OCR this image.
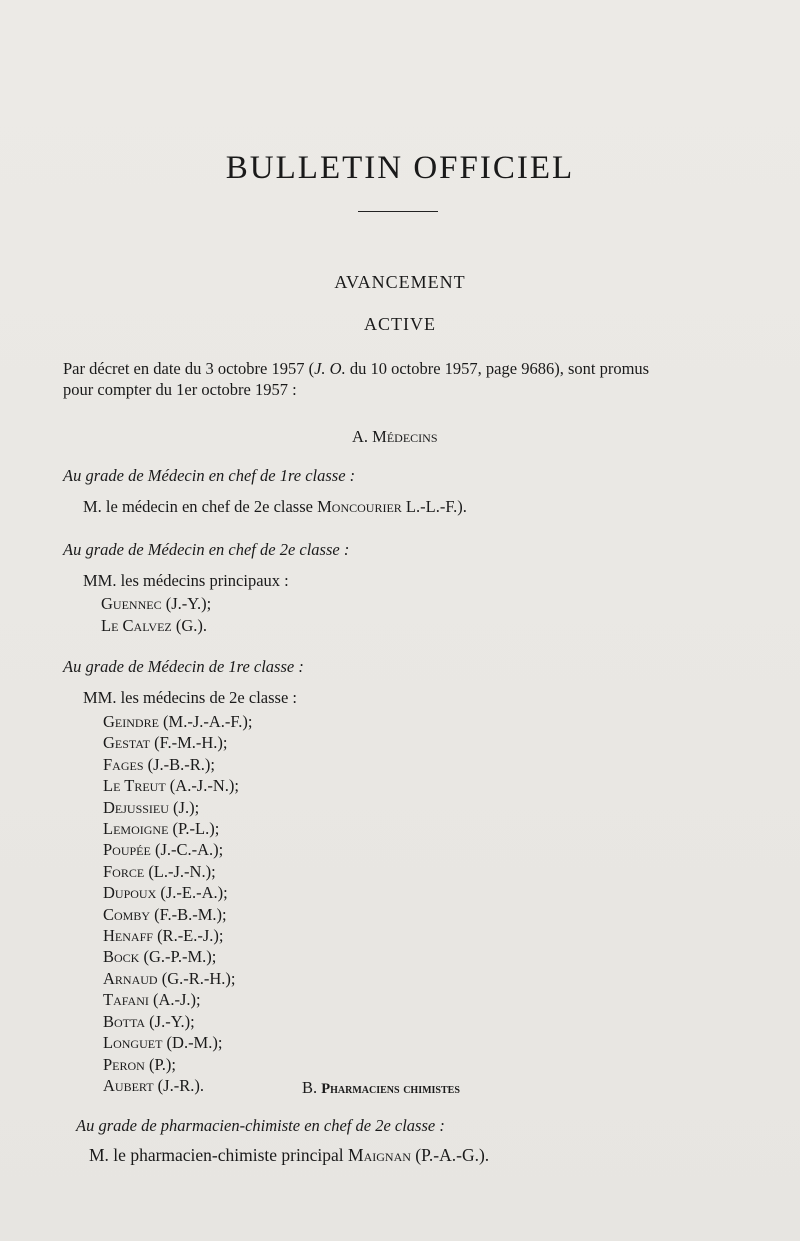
BULLETIN OFFICIEL
AVANCEMENT
ACTIVE
Par décret en date du 3 octobre 1957 (J. O. du 10 octobre 1957, page 9686), sont promus
pour compter du 1er octobre 1957 :
A. Médecins
Au grade de Médecin en chef de 1re classe :
M. le médecin en chef de 2e classe Moncourier L.-L.-F.).
Au grade de Médecin en chef de 2e classe :
MM. les médecins principaux :
Guennec (J.-Y.);
Le Calvez (G.).
Au grade de Médecin de 1re classe :
MM. les médecins de 2e classe :
Geindre (M.-J.-A.-F.);
Gestat (F.-M.-H.);
Fages (J.-B.-R.);
Le Treut (A.-J.-N.);
Dejussieu (J.);
Lemoigne (P.-L.);
Poupée (J.-C.-A.);
Force (L.-J.-N.);
Dupoux (J.-E.-A.);
Comby (F.-B.-M.);
Henaff (R.-E.-J.);
Bock (G.-P.-M.);
Arnaud (G.-R.-H.);
Tafani (A.-J.);
Botta (J.-Y.);
Longuet (D.-M.);
Peron (P.);
Aubert (J.-R.).	B. Pharmaciens chimistes
Au grade de pharmacien-chimiste en chef de 2e classe :
M. le pharmacien-chimiste principal Maignan (P.-A.-G.).
